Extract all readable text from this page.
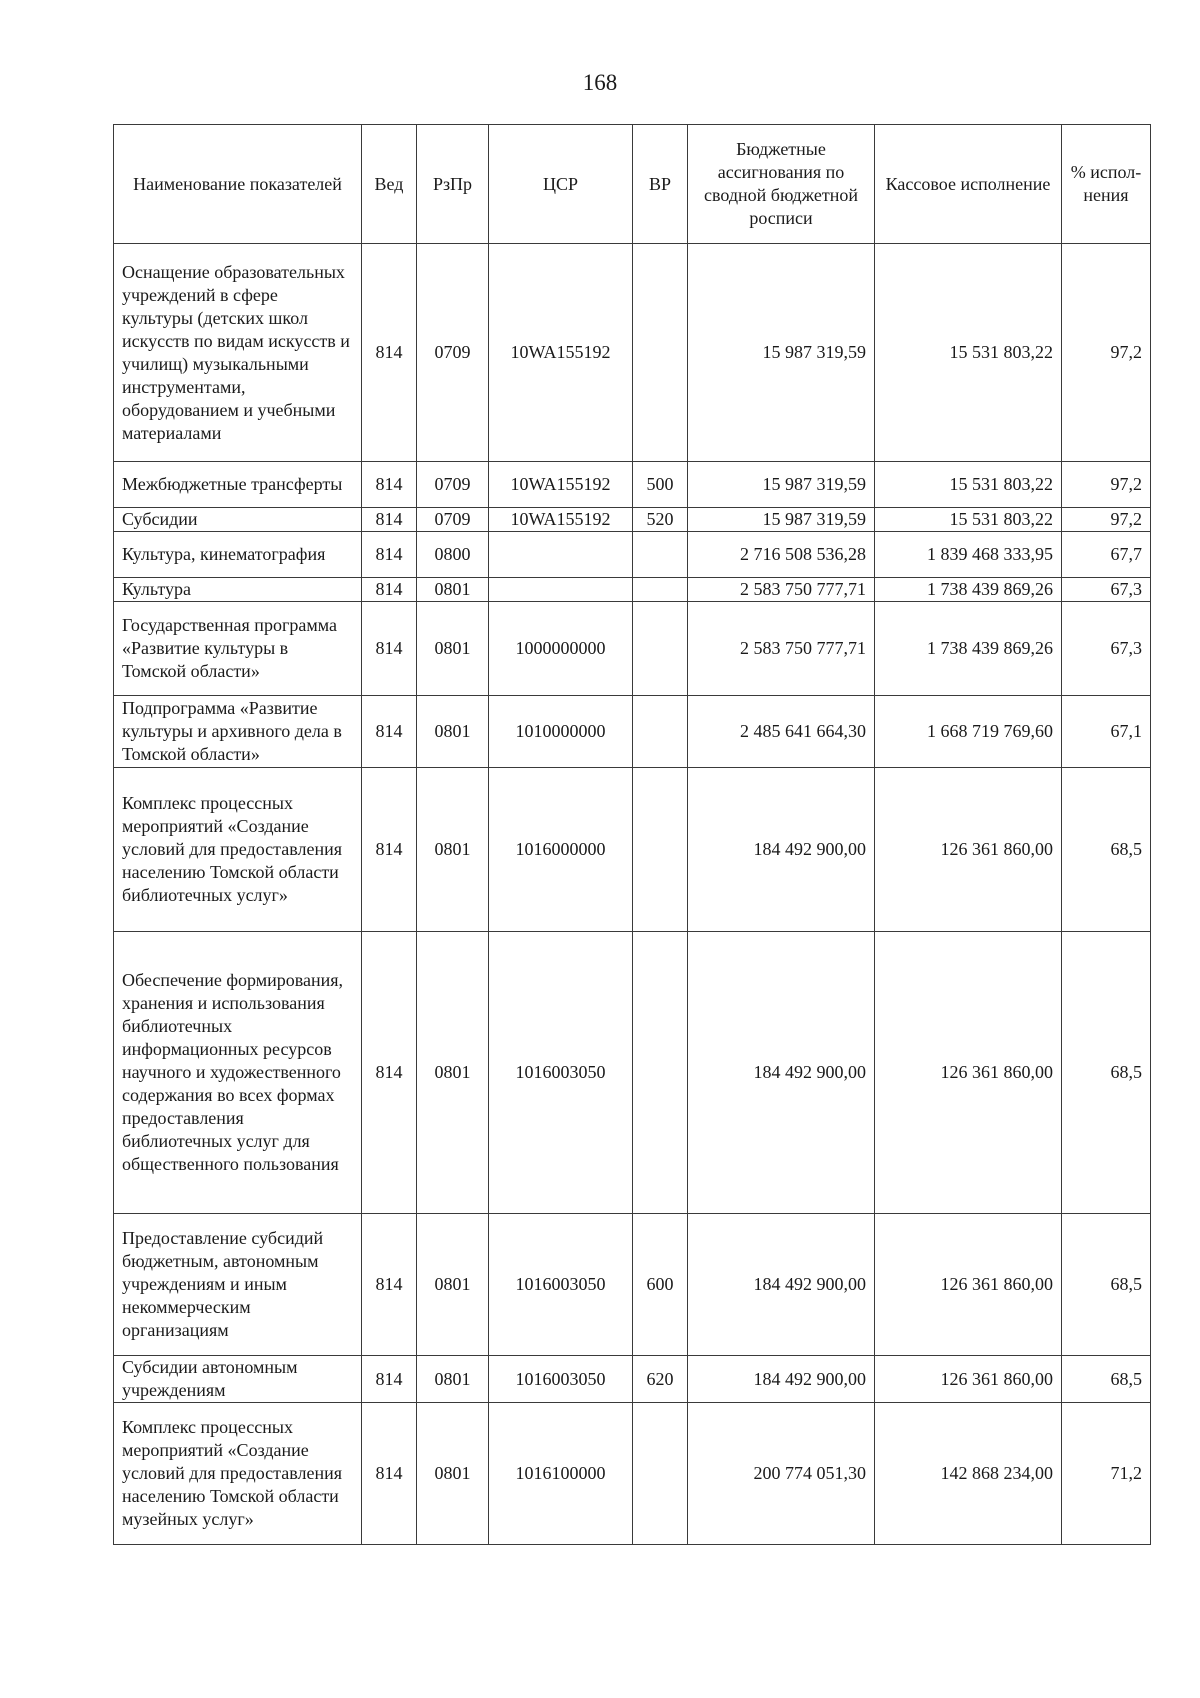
168
Наименование показателей	Вед	РзПр	ЦСР	ВР	Бюджетные ассигнования по сводной бюджетной росписи	Кассовое исполнение	% испол-нения
Оснащение образовательных учреждений в сфере культуры (детских школ искусств по видам искусств и училищ) музыкальными инструментами, оборудованием и учебными материалами	814	0709	10WA155192		15 987 319,59	15 531 803,22	97,2
Межбюджетные трансферты	814	0709	10WA155192	500	15 987 319,59	15 531 803,22	97,2
Субсидии	814	0709	10WA155192	520	15 987 319,59	15 531 803,22	97,2
Культура, кинематография	814	0800			2 716 508 536,28	1 839 468 333,95	67,7
Культура	814	0801			2 583 750 777,71	1 738 439 869,26	67,3
Государственная программа «Развитие культуры в Томской области»	814	0801	1000000000		2 583 750 777,71	1 738 439 869,26	67,3
Подпрограмма «Развитие культуры и архивного дела в Томской области»	814	0801	1010000000		2 485 641 664,30	1 668 719 769,60	67,1
Комплекс процессных мероприятий «Создание условий для предоставления населению Томской области библиотечных услуг»	814	0801	1016000000		184 492 900,00	126 361 860,00	68,5
Обеспечение формирования, хранения и использования библиотечных информационных ресурсов научного и художественного содержания во всех формах предоставления библиотечных услуг для общественного пользования	814	0801	1016003050		184 492 900,00	126 361 860,00	68,5
Предоставление субсидий бюджетным, автономным учреждениям и иным некоммерческим организациям	814	0801	1016003050	600	184 492 900,00	126 361 860,00	68,5
Субсидии автономным учреждениям	814	0801	1016003050	620	184 492 900,00	126 361 860,00	68,5
Комплекс процессных мероприятий «Создание условий для предоставления населению Томской области музейных услуг»	814	0801	1016100000		200 774 051,30	142 868 234,00	71,2
